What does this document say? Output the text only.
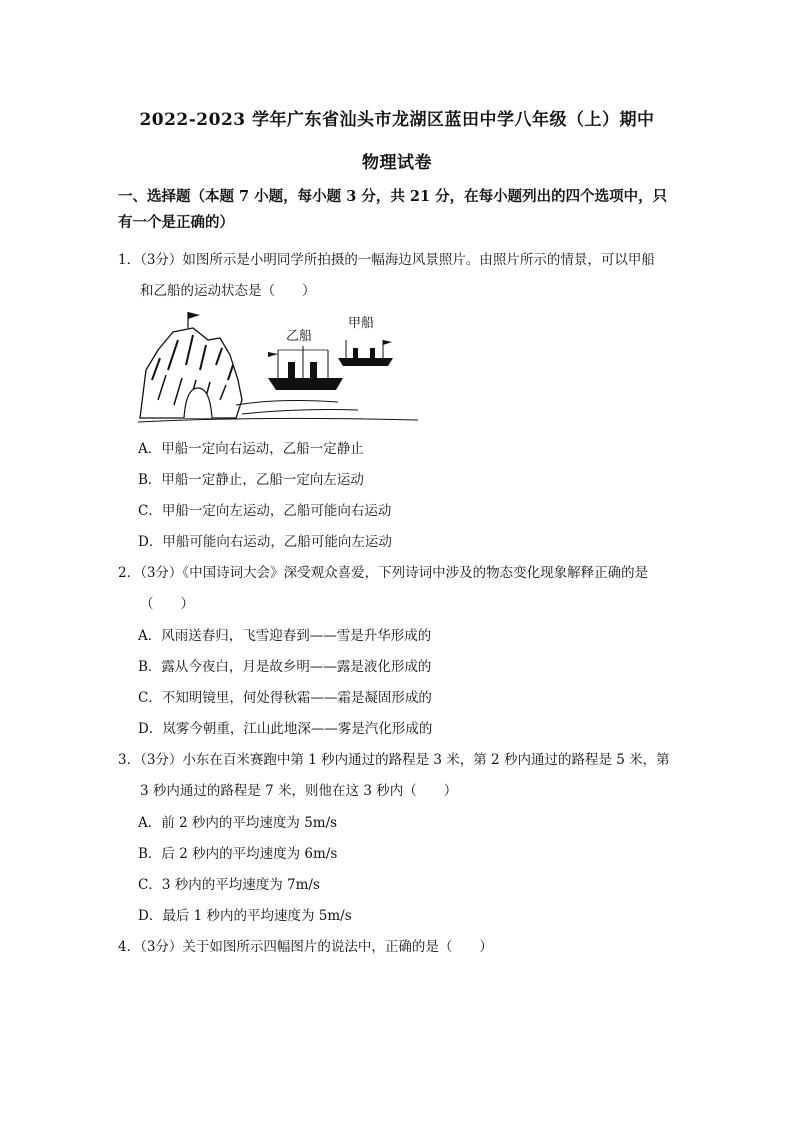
2022-2023 学年广东省汕头市龙湖区蓝田中学八年级（上）期中
物理试卷
一、选择题（本题 7 小题，每小题 3 分，共 21 分，在每小题列出的四个选项中，只有一个是正确的）
1．（3分）如图所示是小明同学所拍摄的一幅海边风景照片。由照片所示的情景，可以甲船
和乙船的运动状态是（　　）
乙船
甲船
A．甲船一定向右运动，乙船一定静止
B．甲船一定静止，乙船一定向左运动
C．甲船一定向左运动，乙船可能向右运动
D．甲船可能向右运动，乙船可能向左运动
2．（3分）《中国诗词大会》深受观众喜爱，下列诗词中涉及的物态变化现象解释正确的是
（　　）
A．风雨送春归，飞雪迎春到——雪是升华形成的
B．露从今夜白，月是故乡明——露是液化形成的
C．不知明镜里，何处得秋霜——霜是凝固形成的
D．岚雾今朝重，江山此地深——雾是汽化形成的
3．（3分）小东在百米赛跑中第 1 秒内通过的路程是 3 米，第 2 秒内通过的路程是 5 米，第
3 秒内通过的路程是 7 米，则他在这 3 秒内（　　）
A．前 2 秒内的平均速度为 5m/s
B．后 2 秒内的平均速度为 6m/s
C．3 秒内的平均速度为 7m/s
D．最后 1 秒内的平均速度为 5m/s
4．（3分）关于如图所示四幅图片的说法中，正确的是（　　）
